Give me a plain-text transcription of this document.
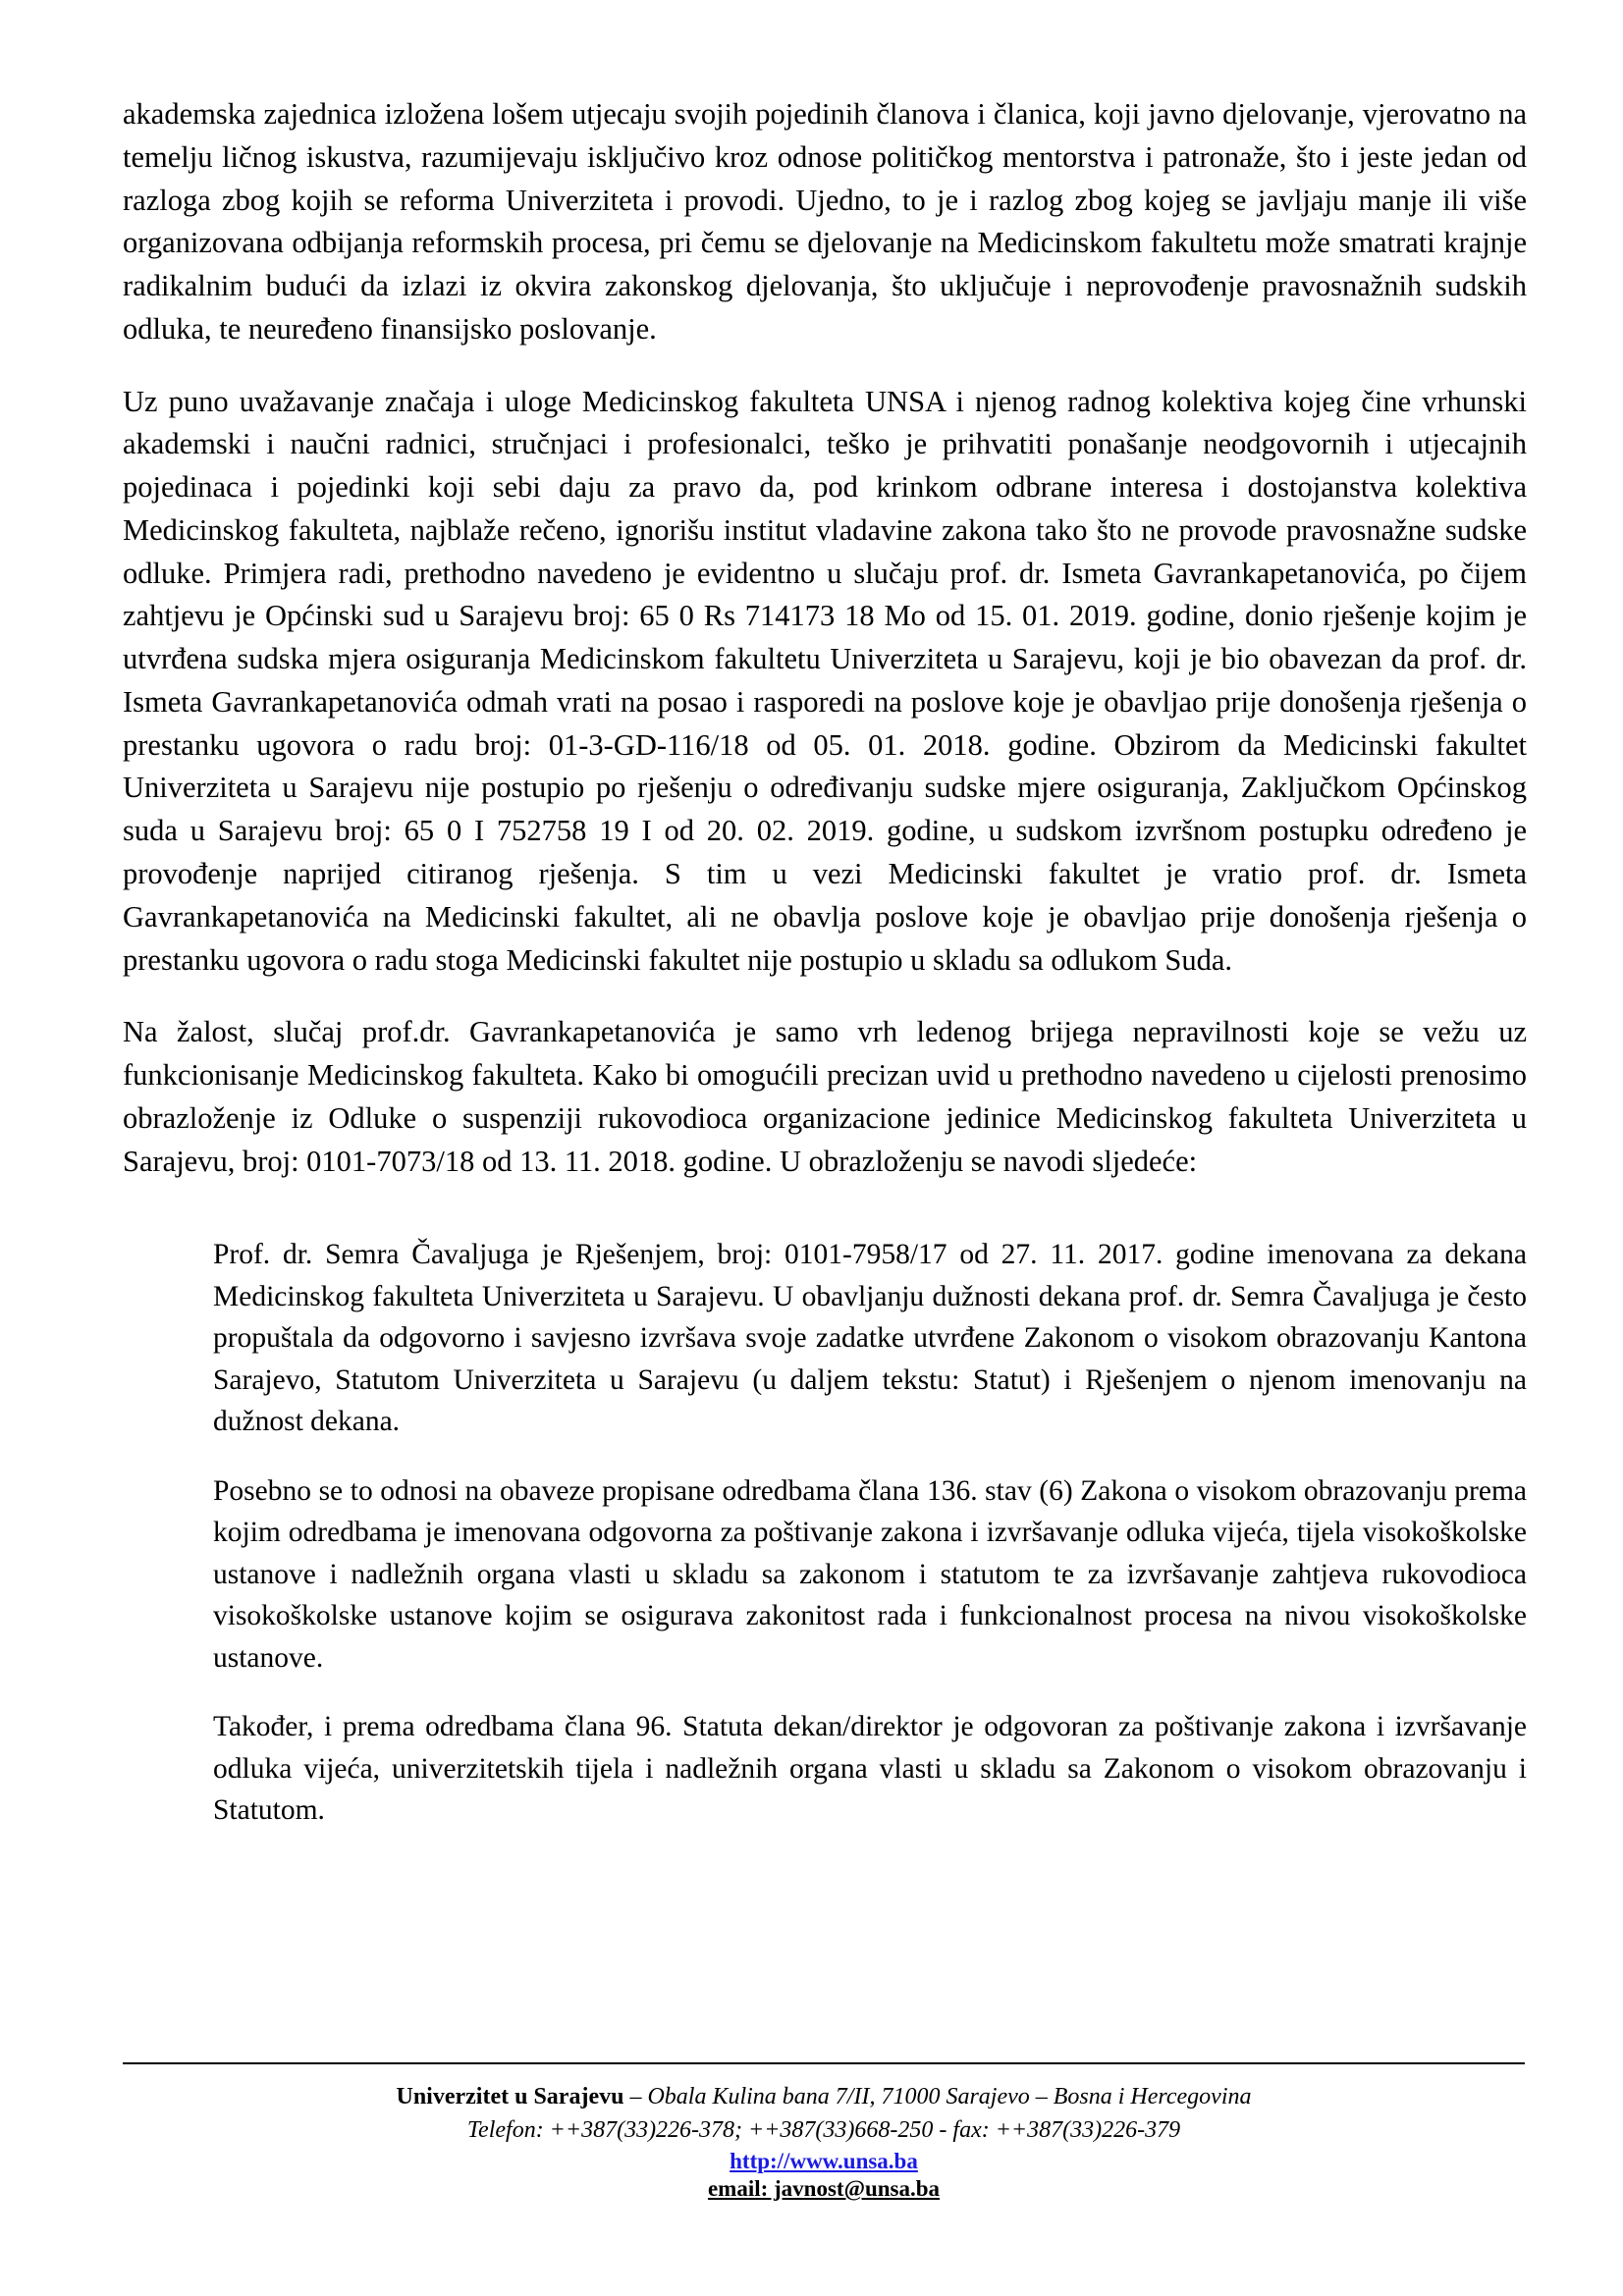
akademska zajednica izložena lošem utjecaju svojih pojedinih članova i članica, koji javno djelovanje, vjerovatno na temelju ličnog iskustva, razumijevaju isključivo kroz odnose političkog mentorstva i patronaže, što i jeste jedan od razloga zbog kojih se reforma Univerziteta i provodi. Ujedno, to je i razlog zbog kojeg se javljaju manje ili više organizovana odbijanja reformskih procesa, pri čemu se djelovanje na Medicinskom fakultetu može smatrati krajnje radikalnim budući da izlazi iz okvira zakonskog djelovanja, što uključuje i neprovođenje pravosnažnih sudskih odluka, te neuređeno finansijsko poslovanje.

Uz puno uvažavanje značaja i uloge Medicinskog fakulteta UNSA i njenog radnog kolektiva kojeg čine vrhunski akademski i naučni radnici, stručnjaci i profesionalci, teško je prihvatiti ponašanje neodgovornih i utjecajnih pojedinaca i pojedinki koji sebi daju za pravo da, pod krinkom odbrane interesa i dostojanstva kolektiva Medicinskog fakulteta, najblaže rečeno, ignorišu institut vladavine zakona tako što ne provode pravosnažne sudske odluke. Primjera radi, prethodno navedeno je evidentno u slučaju prof. dr. Ismeta Gavrankapetanovića, po čijem zahtjevu je Općinski sud u Sarajevu broj: 65 0 Rs 714173 18 Mo od 15. 01. 2019. godine, donio rješenje kojim je utvrđena sudska mjera osiguranja Medicinskom fakultetu Univerziteta u Sarajevu, koji je bio obavezan da prof. dr. Ismeta Gavrankapetanovića odmah vrati na posao i rasporedi na poslove koje je obavljao prije donošenja rješenja o prestanku ugovora o radu broj: 01-3-GD-116/18 od 05. 01. 2018. godine. Obzirom da Medicinski fakultet Univerziteta u Sarajevu nije postupio po rješenju o određivanju sudske mjere osiguranja, Zaključkom Općinskog suda u Sarajevu broj: 65 0 I 752758 19 I od 20. 02. 2019. godine, u sudskom izvršnom postupku određeno je provođenje naprijed citiranog rješenja. S tim u vezi Medicinski fakultet je vratio prof. dr. Ismeta Gavrankapetanovića na Medicinski fakultet, ali ne obavlja poslove koje je obavljao prije donošenja rješenja o prestanku ugovora o radu stoga Medicinski fakultet nije postupio u skladu sa odlukom Suda.

Na žalost, slučaj prof.dr. Gavrankapetanovića je samo vrh ledenog brijega nepravilnosti koje se vežu uz funkcionisanje Medicinskog fakulteta. Kako bi omogućili precizan uvid u prethodno navedeno u cijelosti prenosimo obrazloženje iz Odluke o suspenziji rukovodioca organizacione jedinice Medicinskog fakulteta Univerziteta u Sarajevu, broj: 0101-7073/18 od 13. 11. 2018. godine. U obrazloženju se navodi sljedeće:

Prof. dr. Semra Čavaljuga je Rješenjem, broj: 0101-7958/17 od 27. 11. 2017. godine imenovana za dekana Medicinskog fakulteta Univerziteta u Sarajevu. U obavljanju dužnosti dekana prof. dr. Semra Čavaljuga je često propuštala da odgovorno i savjesno izvršava svoje zadatke utvrđene Zakonom o visokom obrazovanju Kantona Sarajevo, Statutom Univerziteta u Sarajevu (u daljem tekstu: Statut) i Rješenjem o njenom imenovanju na dužnost dekana.

Posebno se to odnosi na obaveze propisane odredbama člana 136. stav (6) Zakona o visokom obrazovanju prema kojim odredbama je imenovana odgovorna za poštivanje zakona i izvršavanje odluka vijeća, tijela visokoškolske ustanove i nadležnih organa vlasti u skladu sa zakonom i statutom te za izvršavanje zahtjeva rukovodioca visokoškolske ustanove kojim se osigurava zakonitost rada i funkcionalnost procesa na nivou visokoškolske ustanove.

Također, i prema odredbama člana 96. Statuta dekan/direktor je odgovoran za poštivanje zakona i izvršavanje odluka vijeća, univerzitetskih tijela i nadležnih organa vlasti u skladu sa Zakonom o visokom obrazovanju i Statutom.

Univerzitet u Sarajevu – Obala Kulina bana 7/II, 71000 Sarajevo – Bosna i Hercegovina
Telefon: ++387(33)226-378; ++387(33)668-250 - fax: ++387(33)226-379
http://www.unsa.ba
email: javnost@unsa.ba
